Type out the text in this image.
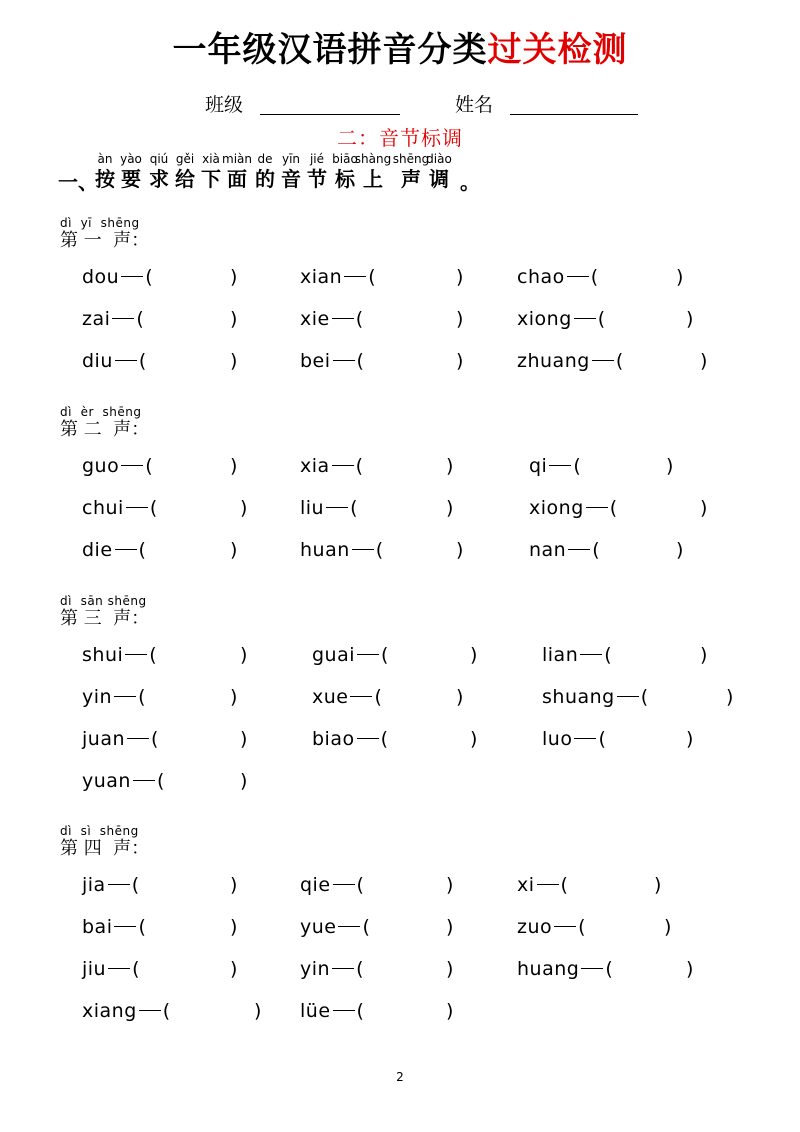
一年级汉语拼音分类过关检测
班级	姓名
二：音节标调
一、
àn
按
yào
要
qiú
求
gěi
给
xià
下
miàn
面
de
的
yīn
音
jié
节
biāo
标
shàng
上
shēng
声
diào
调 。
dì  yī  shēng
第 一  声：
dou (	)	xian (	)	chao (	)
zai (	)	xie (	)	xiong (	)
diu (	)	bei (	)	zhuang (	)
dì  èr  shēng
第 二  声：
guo (	)	xia (	)	qi (	)
chui (	)	liu (	)	xiong (	)
die (	)	huan (	)	nan (	)
dì  sān shēng
第 三  声：
shui (	)	guai (	)	lian (	)
yin (	)	xue (	)	shuang (	)
juan (	)	biao (	)	luo (	)
yuan (	)
dì  sì  shēng
第 四  声：
jia (	)	qie (	)	xi (	)
bai (	)	yue (	)	zuo (	)
jiu (	)	yin (	)	huang (	)
xiang (	) lüe (	)
2
